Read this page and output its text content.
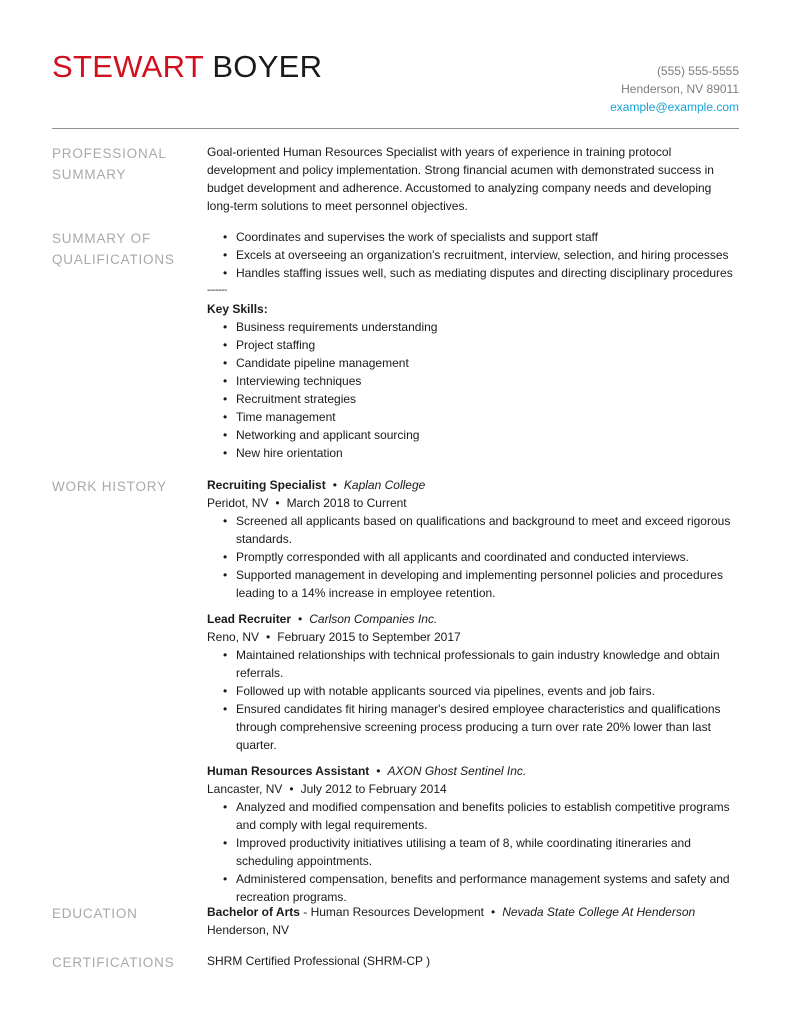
STEWART BOYER	(555) 555-5555
Henderson, NV 89011
example@example.com
PROFESSIONAL
SUMMARY
Goal-oriented Human Resources Specialist with years of experience in training protocol development and policy implementation. Strong financial acumen with demonstrated success in budget development and adherence. Accustomed to analyzing company needs and developing long-term solutions to meet personnel objectives.
SUMMARY OF
QUALIFICATIONS
• Coordinates and supervises the work of specialists and support staff
• Excels at overseeing an organization's recruitment, interview, selection, and hiring processes
• Handles staffing issues well, such as mediating disputes and directing disciplinary procedures
-------
Key Skills:
• Business requirements understanding
• Project staffing
• Candidate pipeline management
• Interviewing techniques
• Recruitment strategies
• Time management
• Networking and applicant sourcing
• New hire orientation
WORK HISTORY	Recruiting Specialist • Kaplan College
Peridot, NV • March 2018 to Current
• Screened all applicants based on qualifications and background to meet and exceed rigorous standards.
• Promptly corresponded with all applicants and coordinated and conducted interviews.
• Supported management in developing and implementing personnel policies and procedures leading to a 14% increase in employee retention.
Lead Recruiter • Carlson Companies Inc.
Reno, NV • February 2015 to September 2017
• Maintained relationships with technical professionals to gain industry knowledge and obtain referrals.
• Followed up with notable applicants sourced via pipelines, events and job fairs.
• Ensured candidates fit hiring manager's desired employee characteristics and qualifications through comprehensive screening process producing a turn over rate 20% lower than last quarter.
Human Resources Assistant • AXON Ghost Sentinel Inc.
Lancaster, NV • July 2012 to February 2014
• Analyzed and modified compensation and benefits policies to establish competitive programs and comply with legal requirements.
• Improved productivity initiatives utilising a team of 8, while coordinating itineraries and scheduling appointments.
• Administered compensation, benefits and performance management systems and safety and recreation programs.
EDUCATION	Bachelor of Arts - Human Resources Development • Nevada State College At Henderson
Henderson, NV
CERTIFICATIONS	SHRM Certified Professional (SHRM-CP )
